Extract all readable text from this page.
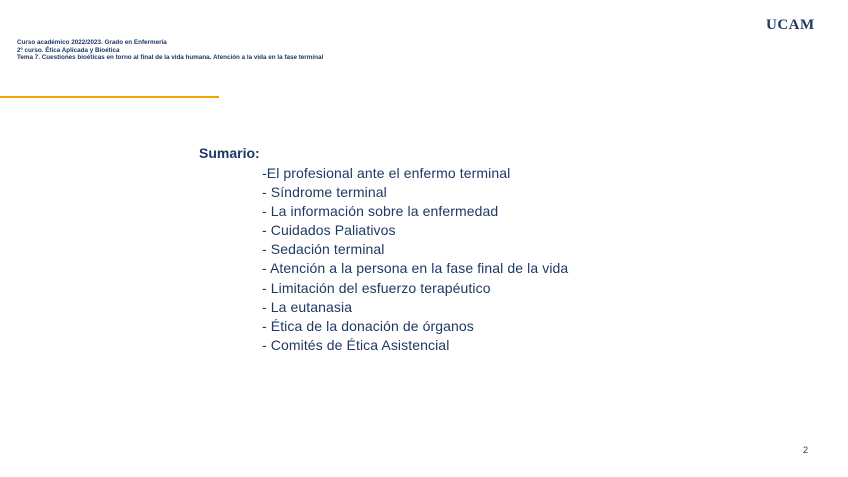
Curso académico 2022/2023. Grado en Enfermería
2º curso. Ética Aplicada y Bioética
Tema 7. Cuestiones bioéticas en torno al final de la vida humana. Atención a la vida en la fase terminal
UCAM
Sumario:
-El profesional ante el enfermo terminal
- Síndrome terminal
- La información sobre la enfermedad
- Cuidados Paliativos
- Sedación terminal
- Atención a la persona en la fase final de la vida
- Limitación del esfuerzo terapéutico
- La eutanasia
- Ética de la donación de órganos
- Comités de Ética Asistencial
2
